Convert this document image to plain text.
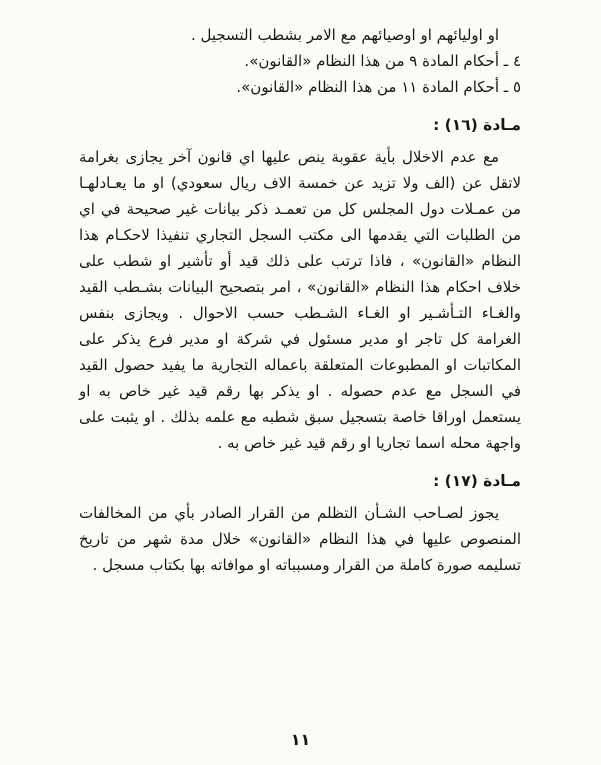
او اوليائهم او اوصيائهم مع الامر بشطب التسجيل .

٤ ـ أحكام المادة ٩ من هذا النظام «القانون».

٥ ـ أحكام المادة ١١ من هذا النظام «القانون».

مـادة (١٦) :

مع عدم الاخلال بأية عقوبة ينص عليها اي قانون آخر يجازى بغرامة لاتقل عن (الف ولا تزيد عن خمسة الاف ريال سعودي) او ما يعـادلهـا من عمـلات دول المجلس كل من تعمـد ذكر بيانات غير صحيحة في اي من الطلبات التي يقدمها الى مكتب السجل التجاري تنفيذا لاحكـام هذا النظام «القانون» ، فاذا ترتب على ذلك قيد أو تأشير او شطب على خلاف احكام هذا النظام «القانون» ، امر بتصحيح البيانات بشـطب القيد والغـاء التـأشـير او الغـاء الشـطب حسب الاحوال . ويجازى بنفس الغرامة كل تاجر او مدير مسئول في شركة او مدير فرع يذكر على المكاتبات او المطبوعات المتعلقة باعماله التجارية ما يفيد حصول القيد في السجل مع عدم حصوله . او يذكر بها رقم قيد غير خاص به او يستعمل اوراقا خاصة بتسجيل سبق شطبه مع علمه بذلك . او يثبت على واجهة محله اسما تجاريا او رقم قيد غير خاص به .

مـادة (١٧) :

يجوز لصـاحب الشـأن التظلم من القرار الصادر بأي من المخالفات المنصوص عليها في هذا النظام «القانون» خلال مدة شهر من تاريخ تسليمه صورة كاملة من القرار ومسبباته او موافاته بها بكتاب مسجل .

١١
